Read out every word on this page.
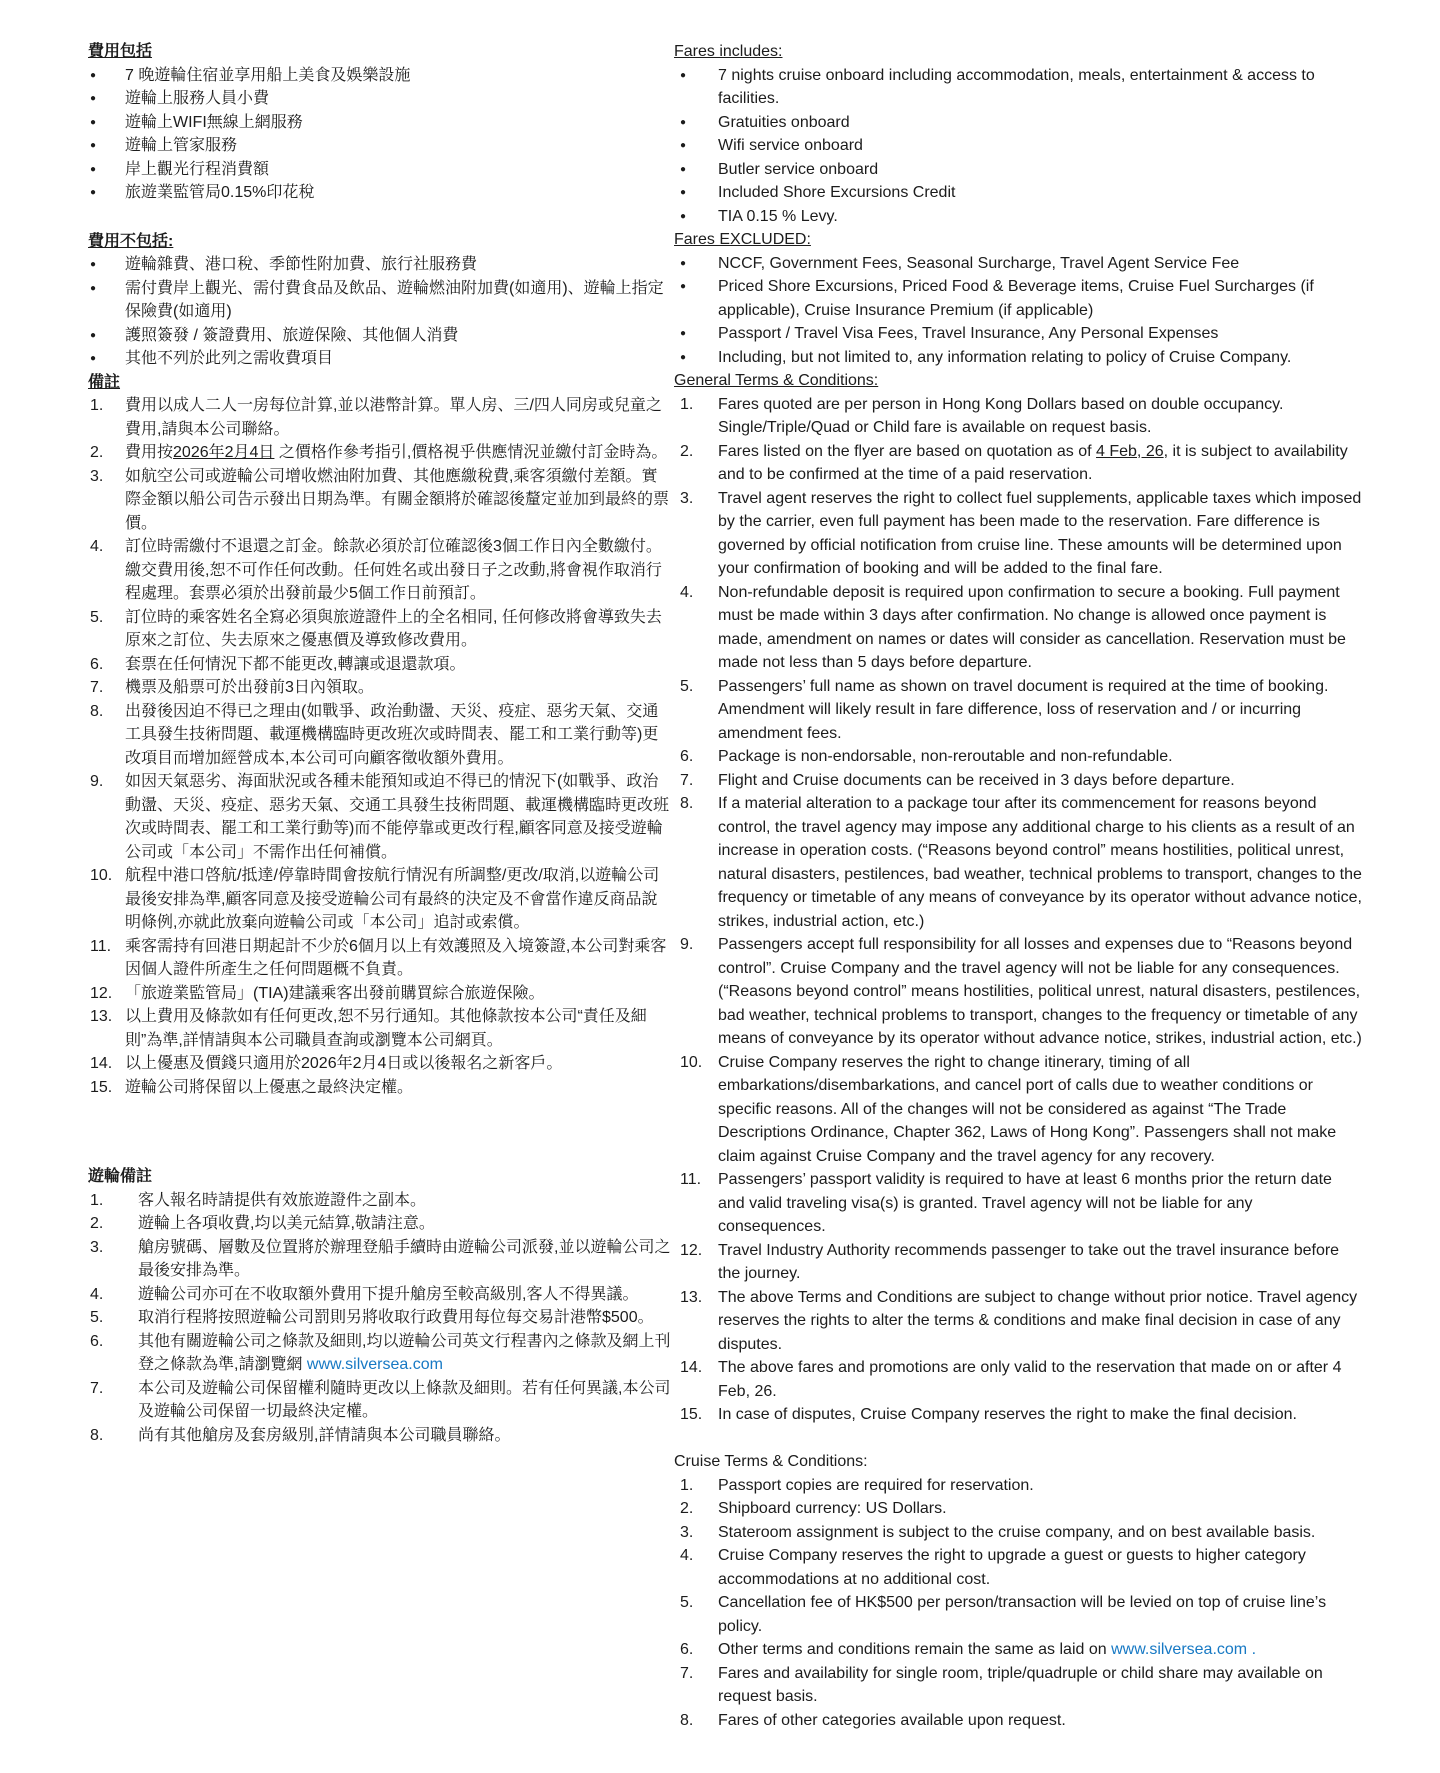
費用包括
●	7 晚遊輪住宿並享用船上美食及娛樂設施
●	遊輪上服務人員小費
●	遊輪上WIFI無線上網服務
●	遊輪上管家服務
●	岸上觀光行程消費額
●	旅遊業監管局0.15%印花稅
費用不包括:
●	遊輪雜費、港口稅、季節性附加費、旅行社服務費
●	需付費岸上觀光、需付費食品及飲品、遊輪燃油附加費(如適用)、遊輪上指定保險費(如適用)
●	護照簽發 / 簽證費用、旅遊保險、其他個人消費
●	其他不列於此列之需收費項目
備註
1.	費用以成人二人一房每位計算,並以港幣計算。單人房、三/四人同房或兒童之費用,請與本公司聯絡。
2.	費用按2026年2月4日 之價格作參考指引,價格視乎供應情況並繳付訂金時為。
3.	如航空公司或遊輪公司增收燃油附加費、其他應繳稅費,乘客須繳付差額。實際金額以船公司告示發出日期為準。有關金額將於確認後釐定並加到最終的票價。
4.	訂位時需繳付不退還之訂金。餘款必須於訂位確認後3個工作日內全數繳付。繳交費用後,恕不可作任何改動。任何姓名或出發日子之改動,將會視作取消行程處理。套票必須於出發前最少5個工作日前預訂。
5.	訂位時的乘客姓名全寫必須與旅遊證件上的全名相同, 任何修改將會導致失去原來之訂位、失去原來之優惠價及導致修改費用。
6.	套票在任何情況下都不能更改,轉讓或退還款項。
7.	機票及船票可於出發前3日內領取。
8.	出發後因迫不得已之理由(如戰爭、政治動盪、天災、疫症、惡劣天氣、交通工具發生技術問題、載運機構臨時更改班次或時間表、罷工和工業行動等)更改項目而增加經營成本,本公司可向顧客徵收額外費用。
9.	如因天氣惡劣、海面狀況或各種未能預知或迫不得已的情況下(如戰爭、政治動盪、天災、疫症、惡劣天氣、交通工具發生技術問題、載運機構臨時更改班次或時間表、罷工和工業行動等)而不能停靠或更改行程,顧客同意及接受遊輪公司或「本公司」不需作出任何補償。
10. 航程中港口啓航/抵達/停靠時間會按航行情況有所調整/更改/取消,以遊輪公司最後安排為準,顧客同意及接受遊輪公司有最終的決定及不會當作違反商品說明條例,亦就此放棄向遊輪公司或「本公司」追討或索償。
11. 乘客需持有回港日期起計不少於6個月以上有效護照及入境簽證,本公司對乘客因個人證件所產生之任何問題概不負責。
12. 「旅遊業監管局」(TIA)建議乘客出發前購買綜合旅遊保險。
13. 以上費用及條款如有任何更改,恕不另行通知。其他條款按本公司“責任及細則”為準,詳情請與本公司職員查詢或瀏覽本公司網頁。
14. 以上優惠及價錢只適用於2026年2月4日或以後報名之新客戶。
15. 遊輪公司將保留以上優惠之最終決定權。
遊輪備註
1.	客人報名時請提供有效旅遊證件之副本。
2.	遊輪上各項收費,均以美元結算,敬請注意。
3.	艙房號碼、層數及位置將於辦理登船手續時由遊輪公司派發,並以遊輪公司之最後安排為準。
4.	遊輪公司亦可在不收取額外費用下提升艙房至較高級別,客人不得異議。
5.	取消行程將按照遊輪公司罰則另將收取行政費用每位每交易計港幣$500。
6.	其他有關遊輪公司之條款及細則,均以遊輪公司英文行程書內之條款及網上刊登之條款為準,請瀏覽網 www.silversea.com
7.	本公司及遊輪公司保留權利隨時更改以上條款及細則。若有任何異議,本公司及遊輪公司保留一切最終決定權。
8.	尚有其他艙房及套房級別,詳情請與本公司職員聯絡。
Fares includes:
●	7 nights cruise onboard including accommodation, meals, entertainment & access to facilities.
●	Gratuities onboard
●	Wifi service onboard
●	Butler service onboard
●	Included Shore Excursions Credit
●	TIA 0.15 % Levy.
Fares EXCLUDED:
●	NCCF, Government Fees, Seasonal Surcharge, Travel Agent Service Fee
●	Priced Shore Excursions, Priced Food & Beverage items, Cruise Fuel Surcharges (if applicable), Cruise Insurance Premium (if applicable)
●	Passport / Travel Visa Fees, Travel Insurance, Any Personal Expenses
●	Including, but not limited to, any information relating to policy of Cruise Company.
General Terms & Conditions:
1.	Fares quoted are per person in Hong Kong Dollars based on double occupancy. Single/Triple/Quad or Child fare is available on request basis.
2.	Fares listed on the flyer are based on quotation as of 4 Feb, 26, it is subject to availability and to be confirmed at the time of a paid reservation.
3.	Travel agent reserves the right to collect fuel supplements, applicable taxes which imposed by the carrier, even full payment has been made to the reservation. Fare difference is governed by official notification from cruise line. These amounts will be determined upon your confirmation of booking and will be added to the final fare.
4.	Non-refundable deposit is required upon confirmation to secure a booking. Full payment must be made within 3 days after confirmation. No change is allowed once payment is made, amendment on names or dates will consider as cancellation. Reservation must be made not less than 5 days before departure.
5.	Passengers’ full name as shown on travel document is required at the time of booking. Amendment will likely result in fare difference, loss of reservation and / or incurring amendment fees.
6.	Package is non-endorsable, non-reroutable and non-refundable.
7.	Flight and Cruise documents can be received in 3 days before departure.
8.	If a material alteration to a package tour after its commencement for reasons beyond control, the travel agency may impose any additional charge to his clients as a result of an increase in operation costs. (“Reasons beyond control” means hostilities, political unrest, natural disasters, pestilences, bad weather, technical problems to transport, changes to the frequency or timetable of any means of conveyance by its operator without advance notice, strikes, industrial action, etc.)
9.	Passengers accept full responsibility for all losses and expenses due to “Reasons beyond control”. Cruise Company and the travel agency will not be liable for any consequences. (“Reasons beyond control” means hostilities, political unrest, natural disasters, pestilences, bad weather, technical problems to transport, changes to the frequency or timetable of any means of conveyance by its operator without advance notice, strikes, industrial action, etc.)
10. Cruise Company reserves the right to change itinerary, timing of all embarkations/disembarkations, and cancel port of calls due to weather conditions or specific reasons. All of the changes will not be considered as against “The Trade Descriptions Ordinance, Chapter 362, Laws of Hong Kong”. Passengers shall not make claim against Cruise Company and the travel agency for any recovery.
11.	Passengers’ passport validity is required to have at least 6 months prior the return date and valid traveling visa(s) is granted. Travel agency will not be liable for any consequences.
12. Travel Industry Authority recommends passenger to take out the travel insurance before the journey.
13. The above Terms and Conditions are subject to change without prior notice. Travel agency reserves the rights to alter the terms & conditions and make final decision in case of any disputes.
14. The above fares and promotions are only valid to the reservation that made on or after 4 Feb, 26.
15. In case of disputes, Cruise Company reserves the right to make the final decision.
Cruise Terms & Conditions:
1.	Passport copies are required for reservation.
2.	Shipboard currency: US Dollars.
3.	Stateroom assignment is subject to the cruise company, and on best available basis.
4.	Cruise Company reserves the right to upgrade a guest or guests to higher category accommodations at no additional cost.
5.	Cancellation fee of HK$500 per person/transaction will be levied on top of cruise line’s policy.
6.	Other terms and conditions remain the same as laid on www.silversea.com .
7.	Fares and availability for single room, triple/quadruple or child share may available on request basis.
8.	Fares of other categories available upon request.
